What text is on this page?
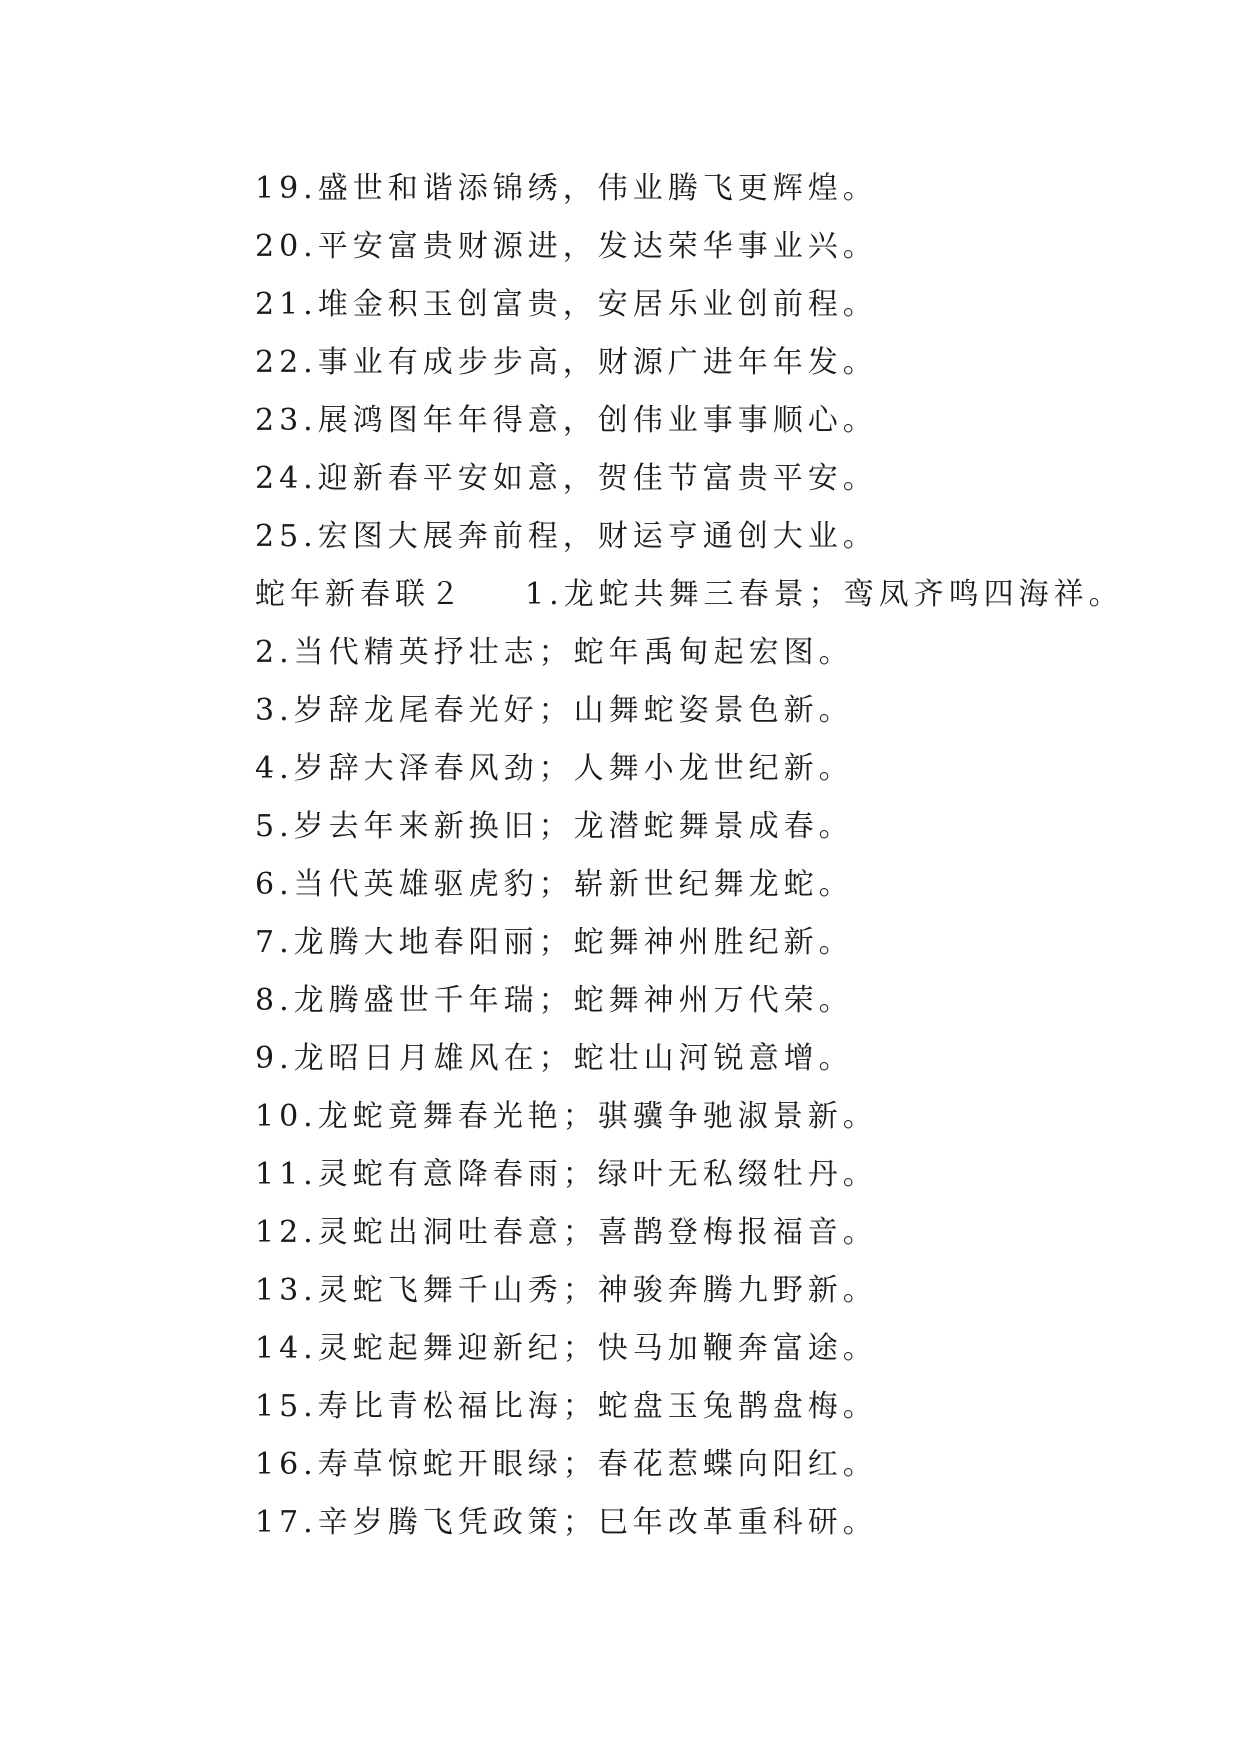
19.盛世和谐添锦绣，伟业腾飞更辉煌。
20.平安富贵财源进，发达荣华事业兴。
21.堆金积玉创富贵，安居乐业创前程。
22.事业有成步步高，财源广进年年发。
23.展鸿图年年得意，创伟业事事顺心。
24.迎新春平安如意，贺佳节富贵平安。
25.宏图大展奔前程，财运亨通创大业。
蛇年新春联２ 1.龙蛇共舞三春景；鸾凤齐鸣四海祥。
2.当代精英抒壮志；蛇年禹甸起宏图。
3.岁辞龙尾春光好；山舞蛇姿景色新。
4.岁辞大泽春风劲；人舞小龙世纪新。
5.岁去年来新换旧；龙潜蛇舞景成春。
6.当代英雄驱虎豹；崭新世纪舞龙蛇。
7.龙腾大地春阳丽；蛇舞神州胜纪新。
8.龙腾盛世千年瑞；蛇舞神州万代荣。
9.龙昭日月雄风在；蛇壮山河锐意增。
10.龙蛇竟舞春光艳；骐骥争驰淑景新。
11.灵蛇有意降春雨；绿叶无私缀牡丹。
12.灵蛇出洞吐春意；喜鹊登梅报福音。
13.灵蛇飞舞千山秀；神骏奔腾九野新。
14.灵蛇起舞迎新纪；快马加鞭奔富途。
15.寿比青松福比海；蛇盘玉兔鹊盘梅。
16.寿草惊蛇开眼绿；春花惹蝶向阳红。
17.辛岁腾飞凭政策；巳年改革重科研。
